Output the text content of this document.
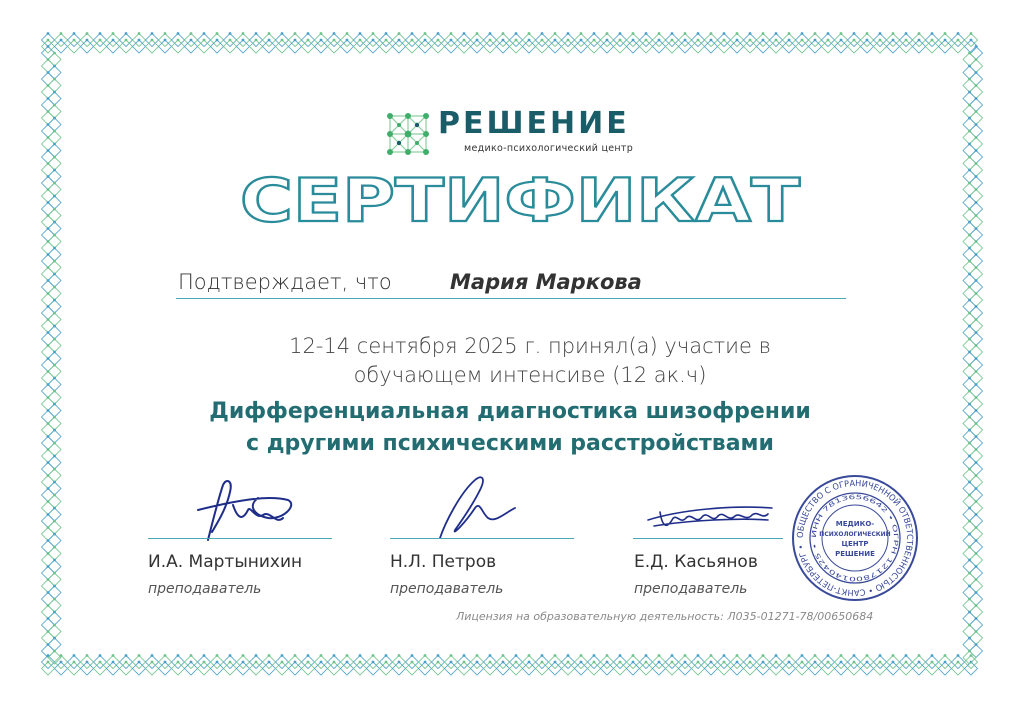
РЕШЕНИЕ
медико-психологический центр
СЕРТИФИКАТ
Подтверждает, что	Мария Маркова
12-14 сентября 2025 г. принял(а) участие в
обучающем интенсиве (12 ак.ч)
Дифференциальная диагностика шизофрении
с другими психическими расстройствами
И.А. Мартынихин
преподаватель
Н.Л. Петров
преподаватель
Е.Д. Касьянов
преподаватель
ОБЩЕСТВО С ОГРАНИЧЕННОЙ ОТВЕТСТВЕННОСТЬЮ • САНКТ-ПЕТЕРБУРГ •
ИНН 7813656642 • ОГРН 1217800140425 •
МЕДИКО-
ПСИХОЛОГИЧЕСКИЙ
ЦЕНТР
РЕШЕНИЕ
Лицензия на образовательную деятельность: Л035-01271-78/00650684
